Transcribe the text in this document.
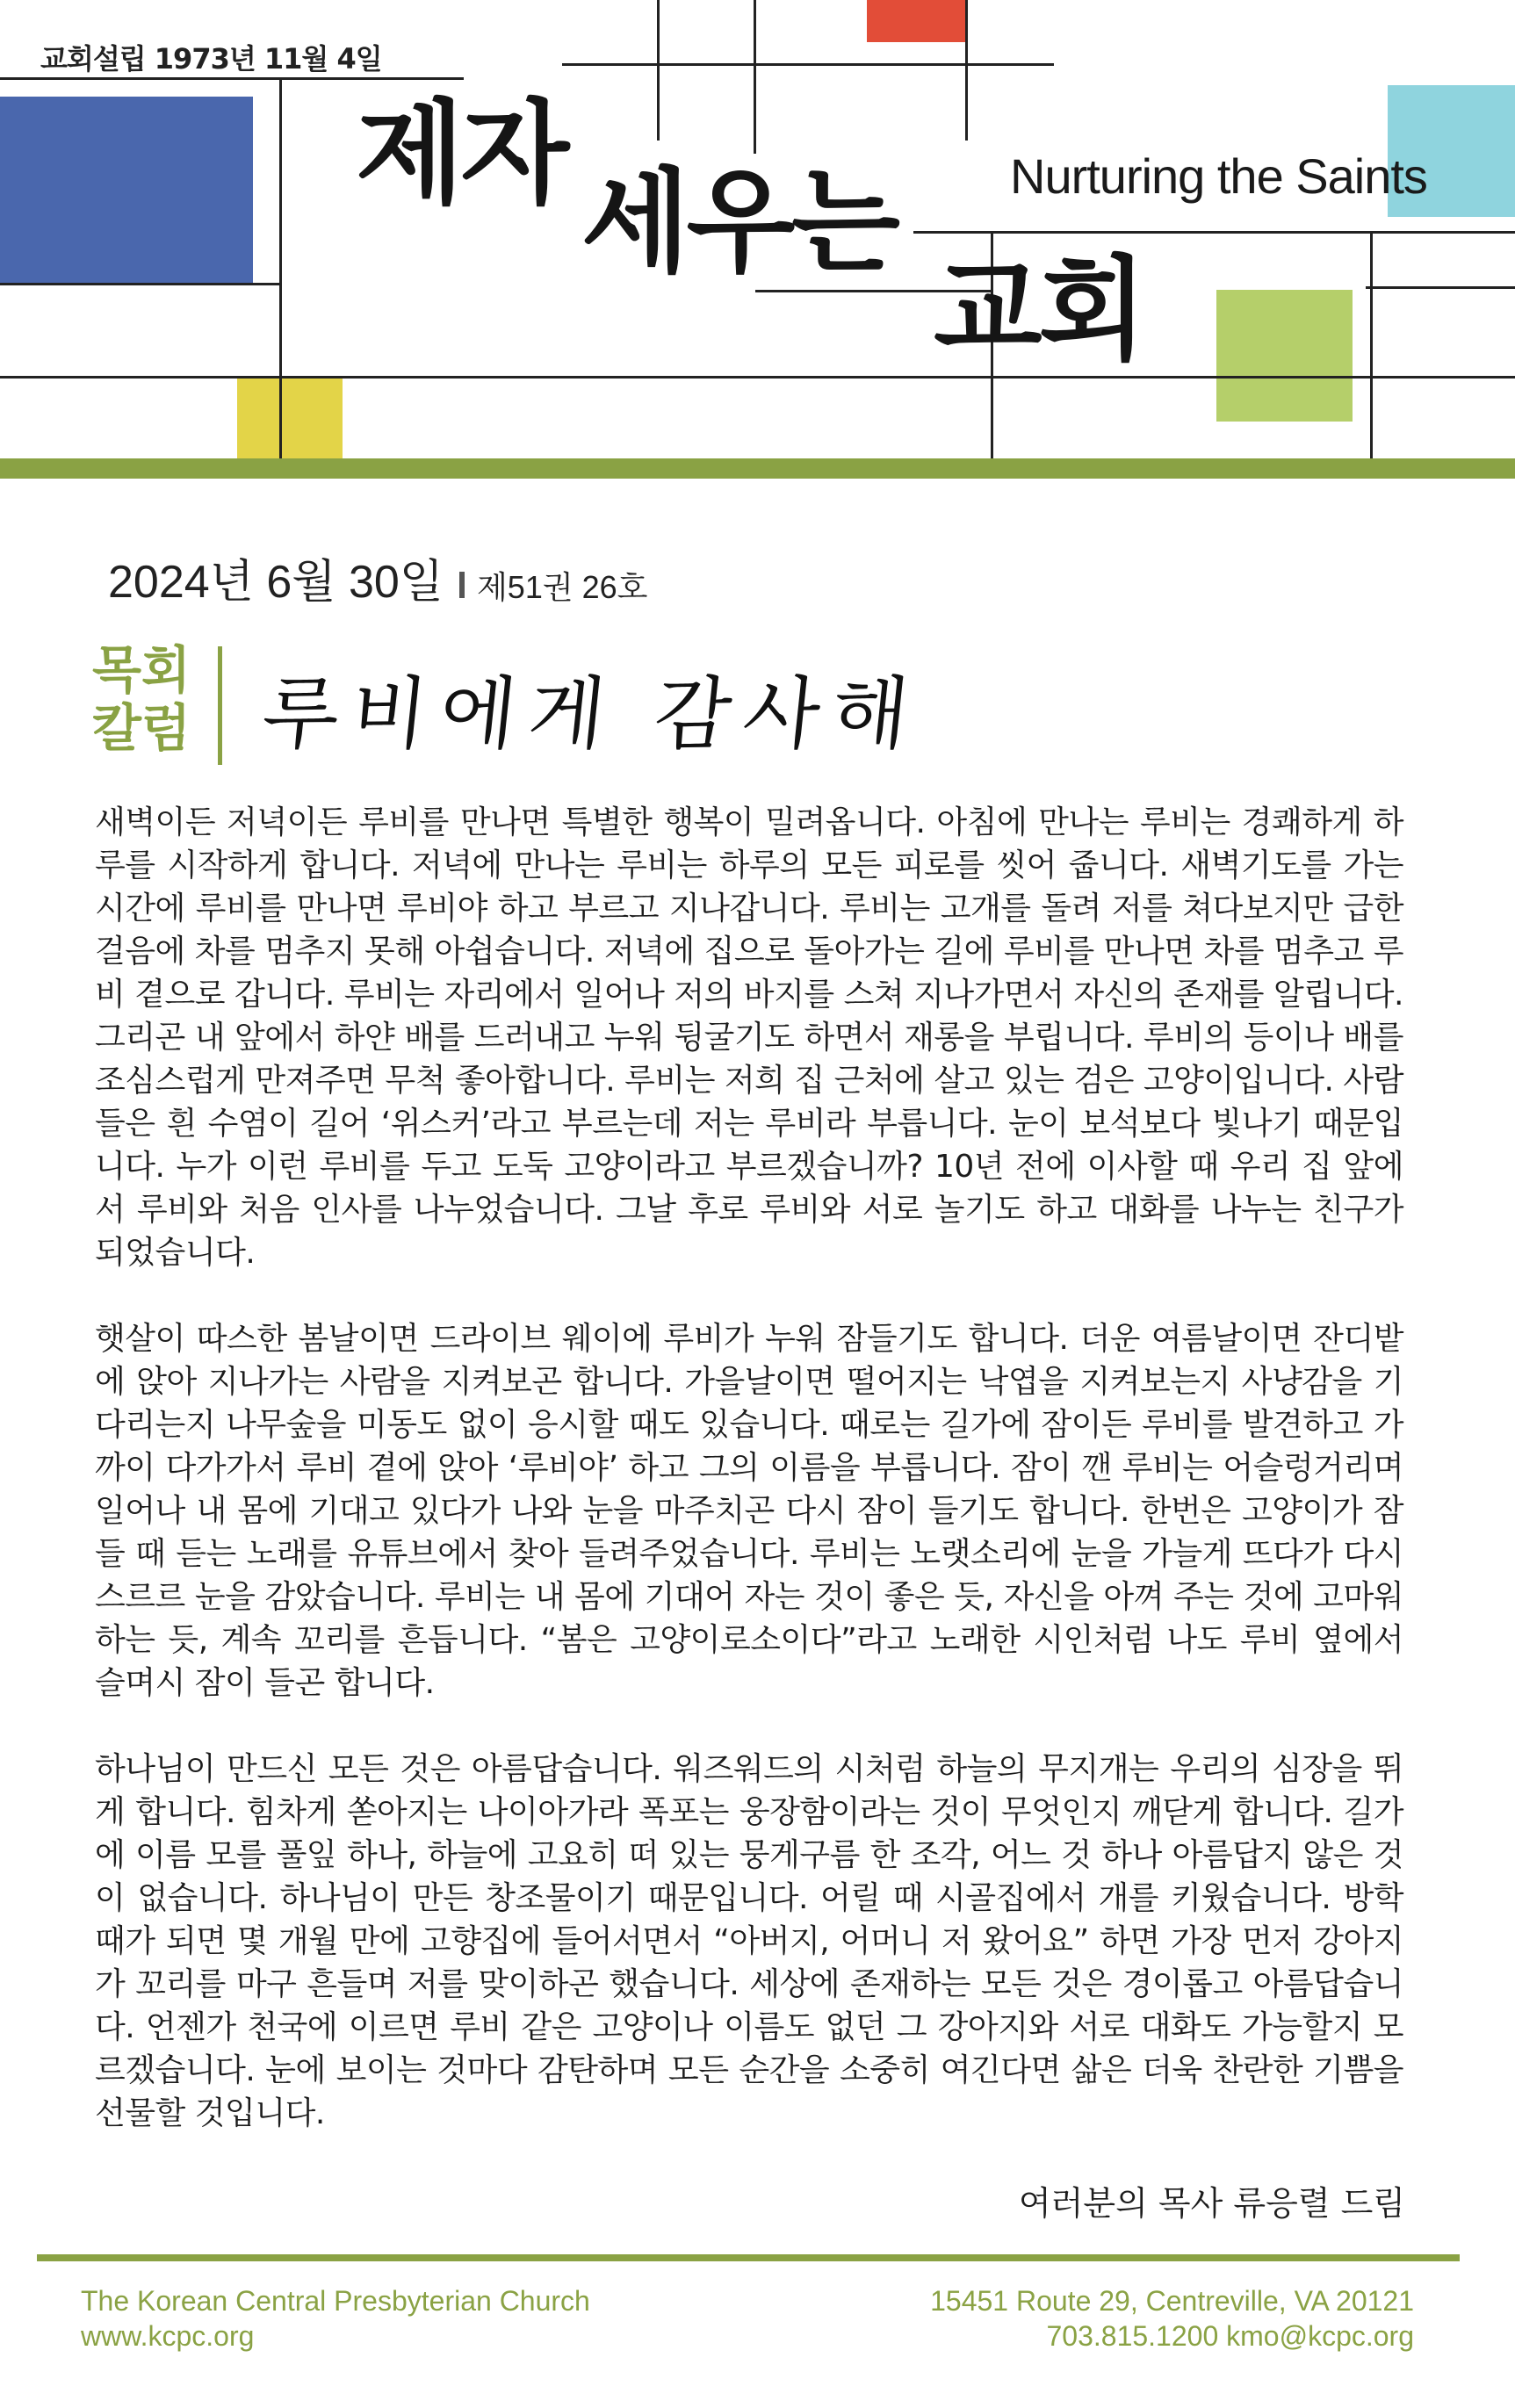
교회설립 1973년 11월 4일
제자
세우는
교회
Nurturing the Saints
2024년 6월 30일 제51권 26호
목회
칼럼 루비에게 감사해

새벽이든 저녁이든 루비를 만나면 특별한 행복이 밀려옵니다. 아침에 만나는 루비는 경쾌하게 하루를 시작하게 합니다. 저녁에 만나는 루비는 하루의 모든 피로를 씻어 줍니다. 새벽기도를 가는 시간에 루비를 만나면 루비야 하고 부르고 지나갑니다. 루비는 고개를 돌려 저를 쳐다보지만 급한 걸음에 차를 멈추지 못해 아쉽습니다. 저녁에 집으로 돌아가는 길에 루비를 만나면 차를 멈추고 루비 곁으로 갑니다. 루비는 자리에서 일어나 저의 바지를 스쳐 지나가면서 자신의 존재를 알립니다. 그리곤 내 앞에서 하얀 배를 드러내고 누워 뒹굴기도 하면서 재롱을 부립니다. 루비의 등이나 배를 조심스럽게 만져주면 무척 좋아합니다. 루비는 저희 집 근처에 살고 있는 검은 고양이입니다. 사람들은 흰 수염이 길어 ‘위스커’라고 부르는데 저는 루비라 부릅니다. 눈이 보석보다 빛나기 때문입니다. 누가 이런 루비를 두고 도둑 고양이라고 부르겠습니까? 10년 전에 이사할 때 우리 집 앞에서 루비와 처음 인사를 나누었습니다. 그날 후로 루비와 서로 놀기도 하고 대화를 나누는 친구가 되었습니다.

햇살이 따스한 봄날이면 드라이브 웨이에 루비가 누워 잠들기도 합니다. 더운 여름날이면 잔디밭에 앉아 지나가는 사람을 지켜보곤 합니다. 가을날이면 떨어지는 낙엽을 지켜보는지 사냥감을 기다리는지 나무숲을 미동도 없이 응시할 때도 있습니다. 때로는 길가에 잠이든 루비를 발견하고 가까이 다가가서 루비 곁에 앉아 ‘루비야’ 하고 그의 이름을 부릅니다. 잠이 깬 루비는 어슬렁거리며 일어나 내 몸에 기대고 있다가 나와 눈을 마주치곤 다시 잠이 들기도 합니다. 한번은 고양이가 잠들 때 듣는 노래를 유튜브에서 찾아 들려주었습니다. 루비는 노랫소리에 눈을 가늘게 뜨다가 다시 스르르 눈을 감았습니다. 루비는 내 몸에 기대어 자는 것이 좋은 듯, 자신을 아껴 주는 것에 고마워하는 듯, 계속 꼬리를 흔듭니다. “봄은 고양이로소이다”라고 노래한 시인처럼 나도 루비 옆에서 슬며시 잠이 들곤 합니다.

하나님이 만드신 모든 것은 아름답습니다. 워즈워드의 시처럼 하늘의 무지개는 우리의 심장을 뛰게 합니다. 힘차게 쏟아지는 나이아가라 폭포는 웅장함이라는 것이 무엇인지 깨닫게 합니다. 길가에 이름 모를 풀잎 하나, 하늘에 고요히 떠 있는 뭉게구름 한 조각, 어느 것 하나 아름답지 않은 것이 없습니다. 하나님이 만든 창조물이기 때문입니다. 어릴 때 시골집에서 개를 키웠습니다. 방학 때가 되면 몇 개월 만에 고향집에 들어서면서 “아버지, 어머니 저 왔어요” 하면 가장 먼저 강아지가 꼬리를 마구 흔들며 저를 맞이하곤 했습니다. 세상에 존재하는 모든 것은 경이롭고 아름답습니다. 언젠가 천국에 이르면 루비 같은 고양이나 이름도 없던 그 강아지와 서로 대화도 가능할지 모르겠습니다. 눈에 보이는 것마다 감탄하며 모든 순간을 소중히 여긴다면 삶은 더욱 찬란한 기쁨을 선물할 것입니다.

여러분의 목사 류응렬 드림
The Korean Central Presbyterian Church
www.kcpc.org
15451 Route 29, Centreville, VA 20121
703.815.1200 kmo@kcpc.org
